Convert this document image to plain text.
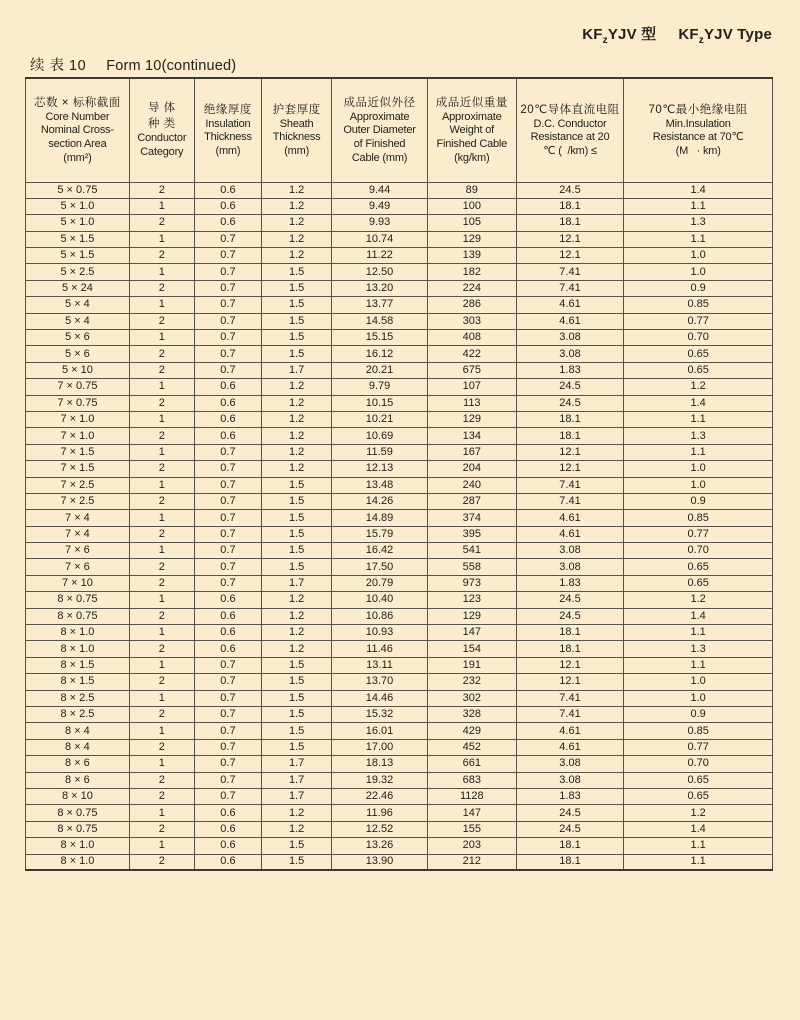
$KF_zYJV$ 型 $KF_zYJV$ Type
续 表 10 Form 10(continued)
芯数 × 标称截面
Core Number
Nominal Cross-
section Area
(mm²)

导 体
种 类
Conductor
Category

绝缘厚度
Insulation
Thickness
(mm)

护套厚度
Sheath
Thickness
(mm)

成品近似外径
Approximate
Outer Diameter
of Finished
Cable (mm)

成品近似重量
Approximate
Weight of
Finished Cable
(kg/km)

20℃导体直流电阻
D.C. Conductor
Resistance at 20
℃ (  /km) ≤

70℃最小绝缘电阻
Min.Insulation
Resistance at 70℃
(M   · km)

5 × 0.75	2	0.6	1.2	9.44	89	24.5	1.4
5 × 1.0	1	0.6	1.2	9.49	100	18.1	1.1
5 × 1.0	2	0.6	1.2	9.93	105	18.1	1.3
5 × 1.5	1	0.7	1.2	10.74	129	12.1	1.1
5 × 1.5	2	0.7	1.2	11.22	139	12.1	1.0
5 × 2.5	1	0.7	1.5	12.50	182	7.41	1.0
5 × 24	2	0.7	1.5	13.20	224	7.41	0.9
5 × 4	1	0.7	1.5	13.77	286	4.61	0.85
5 × 4	2	0.7	1.5	14.58	303	4.61	0.77
5 × 6	1	0.7	1.5	15.15	408	3.08	0.70
5 × 6	2	0.7	1.5	16.12	422	3.08	0.65
5 × 10	2	0.7	1.7	20.21	675	1.83	0.65
7 × 0.75	1	0.6	1.2	9.79	107	24.5	1.2
7 × 0.75	2	0.6	1.2	10.15	113	24.5	1.4
7 × 1.0	1	0.6	1.2	10.21	129	18.1	1.1
7 × 1.0	2	0.6	1.2	10.69	134	18.1	1.3
7 × 1.5	1	0.7	1.2	11.59	167	12.1	1.1
7 × 1.5	2	0.7	1.2	12.13	204	12.1	1.0
7 × 2.5	1	0.7	1.5	13.48	240	7.41	1.0
7 × 2.5	2	0.7	1.5	14.26	287	7.41	0.9
7 × 4	1	0.7	1.5	14.89	374	4.61	0.85
7 × 4	2	0.7	1.5	15.79	395	4.61	0.77
7 × 6	1	0.7	1.5	16.42	541	3.08	0.70
7 × 6	2	0.7	1.5	17.50	558	3.08	0.65
7 × 10	2	0.7	1.7	20.79	973	1.83	0.65
8 × 0.75	1	0.6	1.2	10.40	123	24.5	1.2
8 × 0.75	2	0.6	1.2	10.86	129	24.5	1.4
8 × 1.0	1	0.6	1.2	10.93	147	18.1	1.1
8 × 1.0	2	0.6	1.2	11.46	154	18.1	1.3
8 × 1.5	1	0.7	1.5	13.11	191	12.1	1.1
8 × 1.5	2	0.7	1.5	13.70	232	12.1	1.0
8 × 2.5	1	0.7	1.5	14.46	302	7.41	1.0
8 × 2.5	2	0.7	1.5	15.32	328	7.41	0.9
8 × 4	1	0.7	1.5	16.01	429	4.61	0.85
8 × 4	2	0.7	1.5	17.00	452	4.61	0.77
8 × 6	1	0.7	1.7	18.13	661	3.08	0.70
8 × 6	2	0.7	1.7	19.32	683	3.08	0.65
8 × 10	2	0.7	1.7	22.46	1128	1.83	0.65
8 × 0.75	1	0.6	1.2	11.96	147	24.5	1.2
8 × 0.75	2	0.6	1.2	12.52	155	24.5	1.4
8 × 1.0	1	0.6	1.5	13.26	203	18.1	1.1
8 × 1.0	2	0.6	1.5	13.90	212	18.1	1.1
